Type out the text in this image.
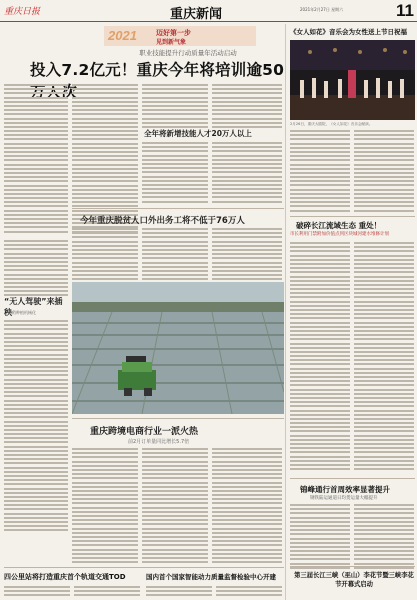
重庆日报	重庆新闻	2021年2月27日 星期六	11
2021	迈好第一步
见到新气象
职业技能提升行动质量年活动启动
投入7.2亿元！重庆今年将培训逾50 次
全年将新增技能人才20万人以上
今年重庆脱贫人口外出务工将不低于76万人
“无人驾驶”来插秧
水稻种植机械化
重庆跨境电商行业一派火热
前2月订单量同比增长5.7倍
四公里站将打造重庆首个轨道交通TOD	国内首个国家智能动力质量监督检验中心开建
《女人如花》音乐会为女性送上节日祝福
2月26日，重庆大剧院，《女人如花》音乐会献演。
破碎长江流域生态 重处！
市长利用门禁附加价值点到区块城河建水堆修计划
锦峰通行首周效率显著提升
钢铁陆运通道日均货运量大幅提升
第三届长江三峡（巫山）李花节暨三峡李花节开幕式启动
